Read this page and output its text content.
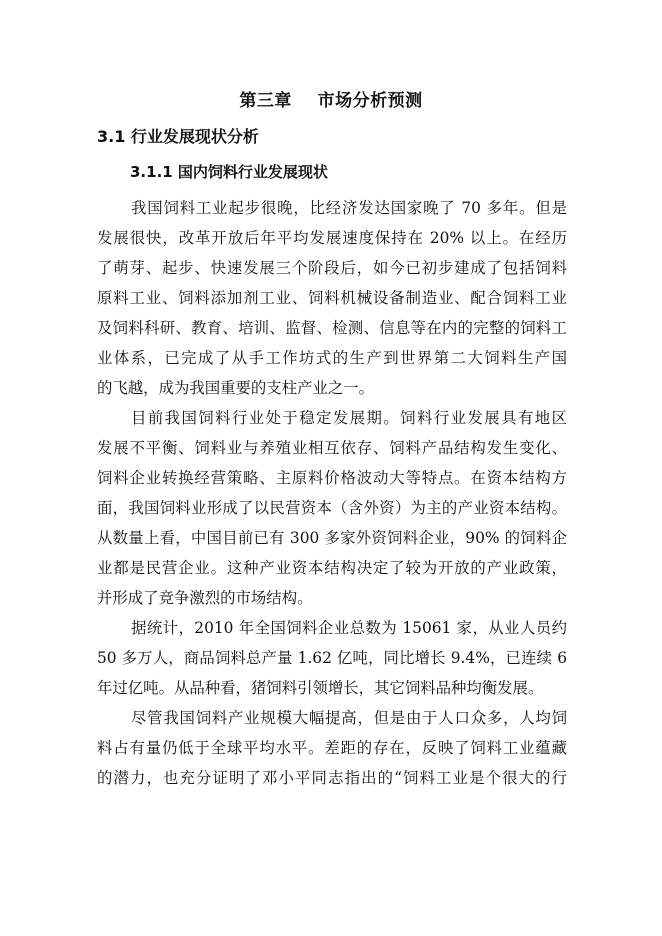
第三章    市场分析预测
3.1 行业发展现状分析
3.1.1 国内饲料行业发展现状
我国饲料工业起步很晚，比经济发达国家晚了 70 多年。但是
发展很快，改革开放后年平均发展速度保持在 20% 以上。在经历
了萌芽、起步、快速发展三个阶段后，如今已初步建成了包括饲料
原料工业、饲料添加剂工业、饲料机械设备制造业、配合饲料工业
及饲料科研、教育、培训、监督、检测、信息等在内的完整的饲料工
业体系，已完成了从手工作坊式的生产到世界第二大饲料生产国
的飞越，成为我国重要的支柱产业之一。
目前我国饲料行业处于稳定发展期。饲料行业发展具有地区
发展不平衡、饲料业与养殖业相互依存、饲料产品结构发生变化、
饲料企业转换经营策略、主原料价格波动大等特点。在资本结构方
面，我国饲料业形成了以民营资本（含外资）为主的产业资本结构。
从数量上看，中国目前已有 300 多家外资饲料企业，90% 的饲料企
业都是民营企业。这种产业资本结构决定了较为开放的产业政策，
并形成了竞争激烈的市场结构。
据统计，2010 年全国饲料企业总数为 15061 家，从业人员约
50 多万人，商品饲料总产量 1.62 亿吨，同比增长 9.4%，已连续 6
年过亿吨。从品种看，猪饲料引领增长，其它饲料品种均衡发展。
尽管我国饲料产业规模大幅提高，但是由于人口众多，人均饲
料占有量仍低于全球平均水平。差距的存在，反映了饲料工业蕴藏
的潜力，也充分证明了邓小平同志指出的“饲料工业是个很大的行
